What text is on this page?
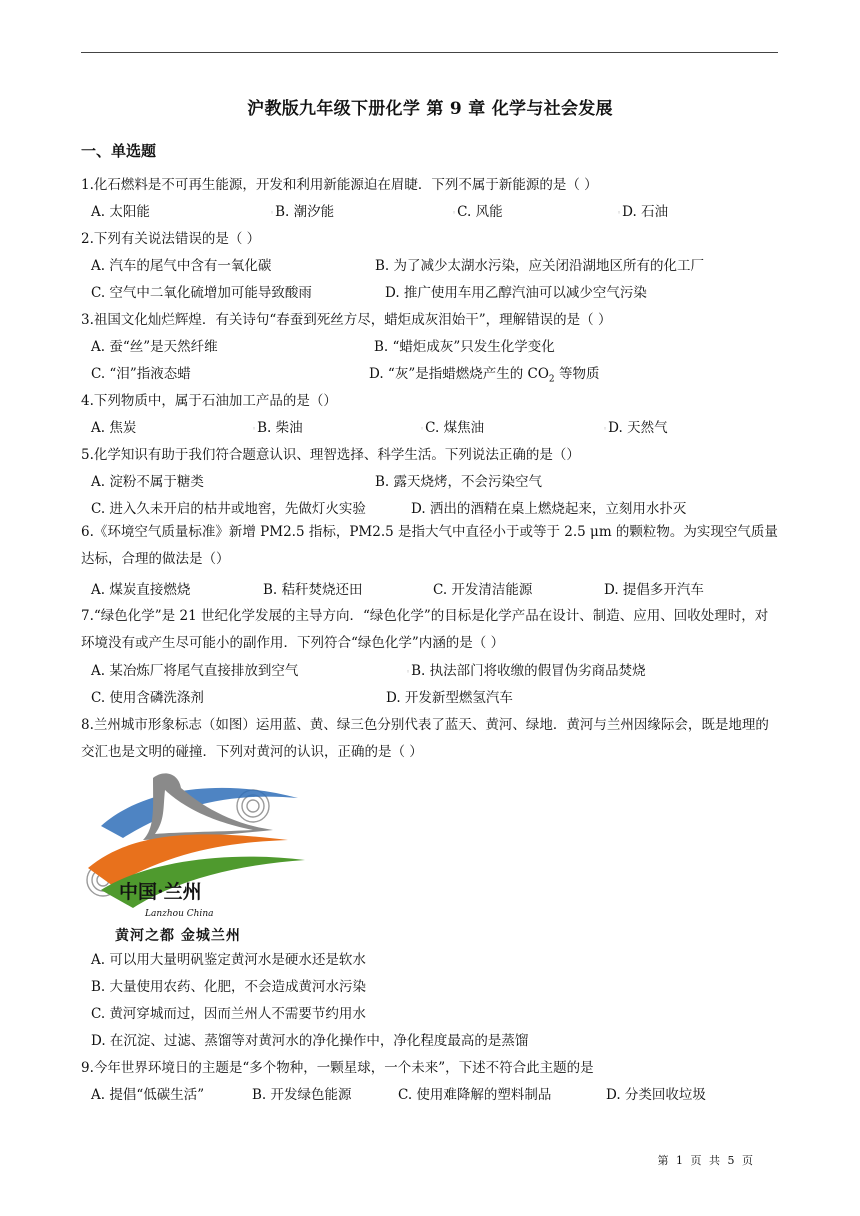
沪教版九年级下册化学 第 9 章 化学与社会发展
一、单选题
1.化石燃料是不可再生能源，开发和利用新能源迫在眉睫．下列不属于新能源的是（ ）
A. 太阳能	◦B. 潮汐能	◦C. 风能	◦D. 石油
2.下列有关说法错误的是（ ）
A. 汽车的尾气中含有一氧化碳	B. 为了减少太湖水污染，应关闭沿湖地区所有的化工厂
C. 空气中二氧化硫增加可能导致酸雨	D. 推广使用车用乙醇汽油可以减少空气污染
3.祖国文化灿烂辉煌．有关诗句“春蚕到死丝方尽，蜡炬成灰泪始干”，理解错误的是（ ）
A. 蚕“丝”是天然纤维	B. “蜡炬成灰”只发生化学变化
C. “泪”指液态蜡	D. “灰”是指蜡燃烧产生的 $CO_2$ 等物质
4.下列物质中，属于石油加工产品的是（）
A. 焦炭	◦B. 柴油	◦C. 煤焦油	◦D. 天然气
5.化学知识有助于我们符合题意认识、理智选择、科学生活。下列说法正确的是（）
A. 淀粉不属于糖类	B. 露天烧烤，不会污染空气
C. 进入久未开启的枯井或地窖，先做灯火实验	D. 洒出的酒精在桌上燃烧起来，立刻用水扑灭
6.《环境空气质量标准》新增 PM2.5 指标，PM2.5 是指大气中直径小于或等于 2.5 μm 的颗粒物。为实现空气质量达标，合理的做法是（）
A. 煤炭直接燃烧	B. 秸秆焚烧还田	C. 开发清洁能源	D. 提倡多开汽车
7.“绿色化学”是 21 世纪化学发展的主导方向．“绿色化学”的目标是化学产品在设计、制造、应用、回收处理时，对环境没有或产生尽可能小的副作用．下列符合“绿色化学”内涵的是（ ）
A. 某冶炼厂将尾气直接排放到空气	◦B. 执法部门将收缴的假冒伪劣商品焚烧
C. 使用含磷洗涤剂	D. 开发新型燃氢汽车
8.兰州城市形象标志（如图）运用蓝、黄、绿三色分别代表了蓝天、黄河、绿地．黄河与兰州因缘际会，既是地理的交汇也是文明的碰撞．下列对黄河的认识，正确的是（ ）
中国·兰州
Lanzhou China
黄河之都 金城兰州
A. 可以用大量明矾鉴定黄河水是硬水还是软水
B. 大量使用农药、化肥，不会造成黄河水污染
C. 黄河穿城而过，因而兰州人不需要节约用水
D. 在沉淀、过滤、蒸馏等对黄河水的净化操作中，净化程度最高的是蒸馏
9.今年世界环境日的主题是“多个物种，一颗星球，一个未来”，下述不符合此主题的是
A. 提倡“低碳生活”	B. 开发绿色能源	C. 使用难降解的塑料制品	D. 分类回收垃圾
第 1 页 共 5 页
